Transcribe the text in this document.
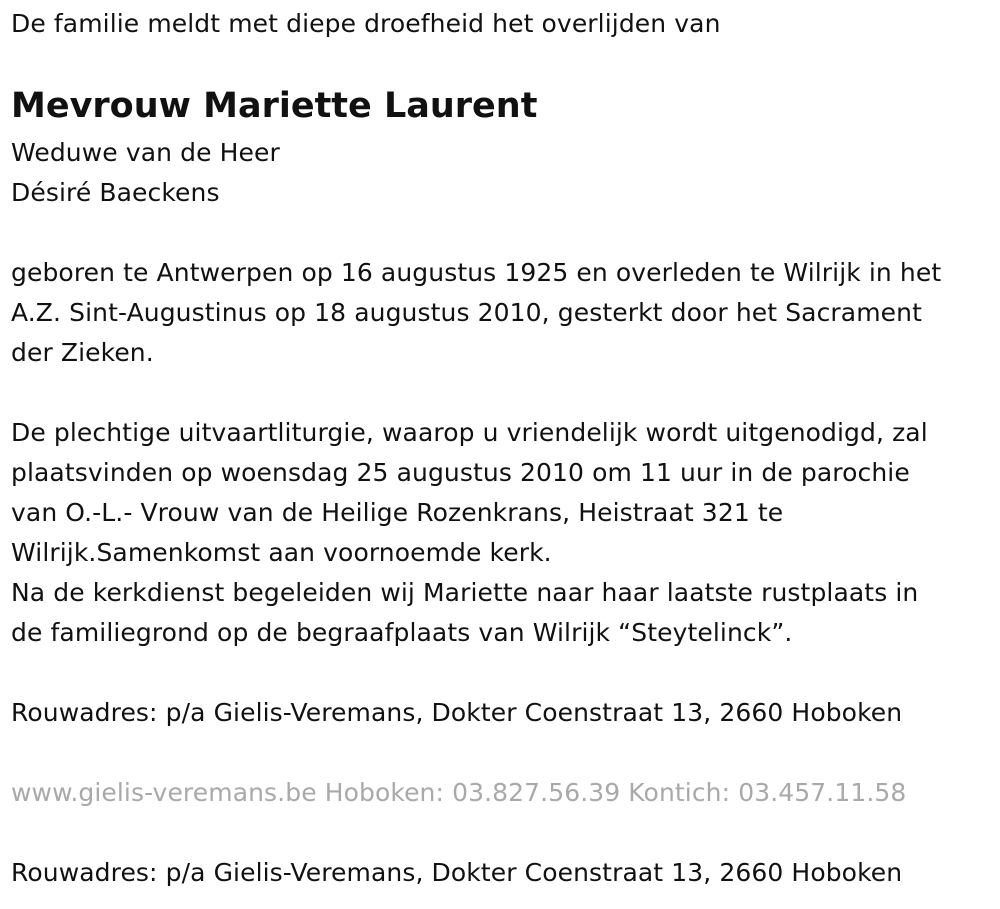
De familie meldt met diepe droefheid het overlijden van
Mevrouw Mariette Laurent
Weduwe van de Heer
Désiré Baeckens
geboren te Antwerpen op 16 augustus 1925 en overleden te Wilrijk in het
A.Z. Sint-Augustinus op 18 augustus 2010, gesterkt door het Sacrament
der Zieken.
De plechtige uitvaartliturgie, waarop u vriendelijk wordt uitgenodigd, zal
plaatsvinden op woensdag 25 augustus 2010 om 11 uur in de parochie
van O.-L.- Vrouw van de Heilige Rozenkrans, Heistraat 321 te
Wilrijk.Samenkomst aan voornoemde kerk.
Na de kerkdienst begeleiden wij Mariette naar haar laatste rustplaats in
de familiegrond op de begraafplaats van Wilrijk “Steytelinck”.
Rouwadres: p/a Gielis-Veremans, Dokter Coenstraat 13, 2660 Hoboken
www.gielis-veremans.be Hoboken: 03.827.56.39 Kontich: 03.457.11.58
Rouwadres: p/a Gielis-Veremans, Dokter Coenstraat 13, 2660 Hoboken
